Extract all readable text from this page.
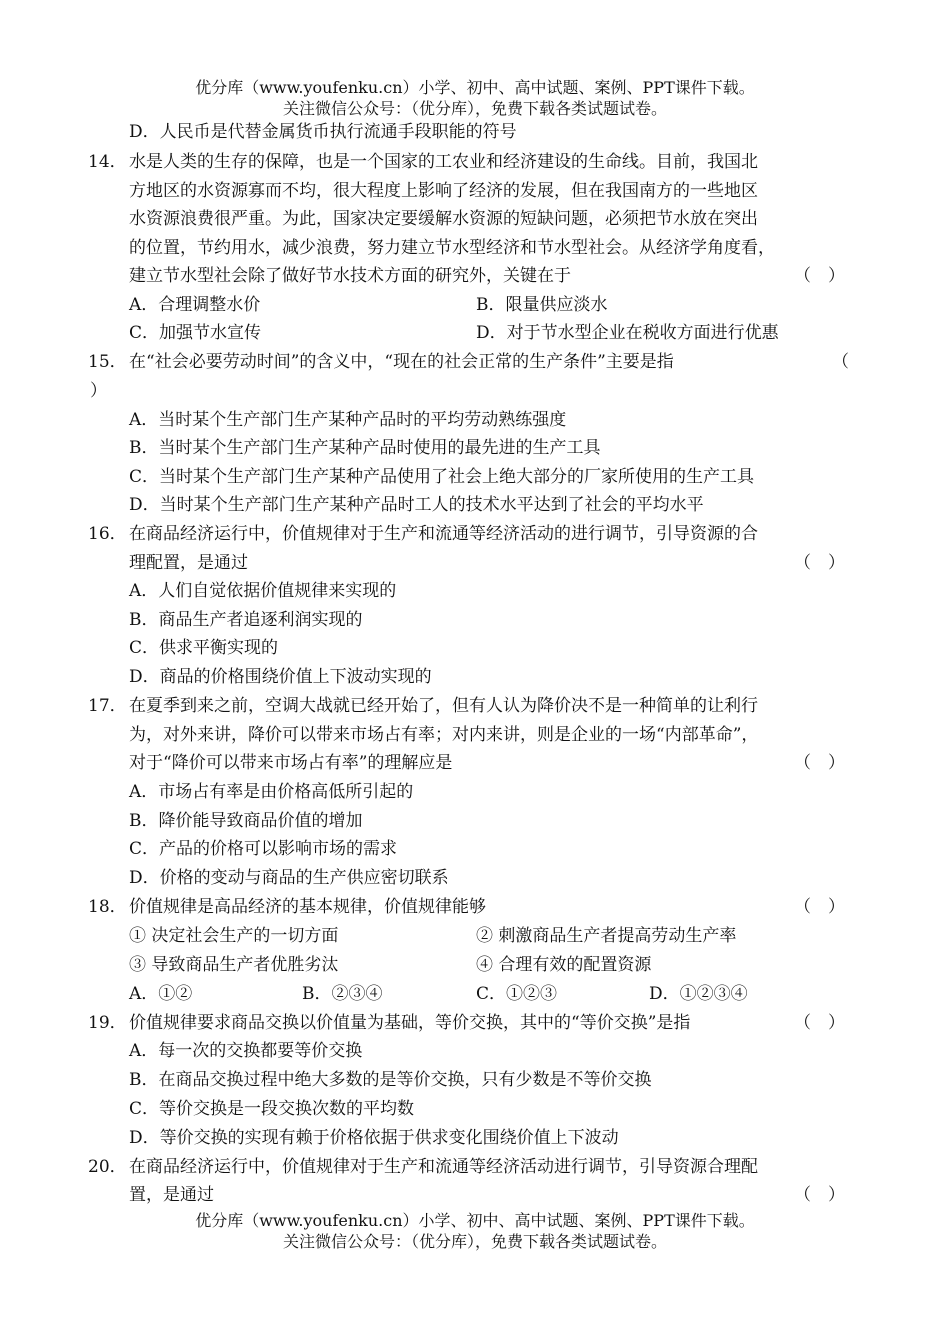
优分库（www.youfenku.cn）小学、初中、高中试题、案例、PPT课件下载。
关注微信公众号：（优分库），免费下载各类试题试卷。
D．人民币是代替金属货币执行流通手段职能的符号
14． 水是人类的生存的保障，也是一个国家的工农业和经济建设的生命线。目前，我国北
方地区的水资源寡而不均，很大程度上影响了经济的发展，但在我国南方的一些地区
水资源浪费很严重。为此，国家决定要缓解水资源的短缺问题，必须把节水放在突出
的位置，节约用水，减少浪费，努力建立节水型经济和节水型社会。从经济学角度看，
建立节水型社会除了做好节水技术方面的研究外，关键在于	（　）
A．合理调整水价	B．限量供应淡水
C．加强节水宣传	D．对于节水型企业在税收方面进行优惠
15． 在“社会必要劳动时间”的含义中，“现在的社会正常的生产条件”主要是指	（
）
A．当时某个生产部门生产某种产品时的平均劳动熟练强度
B．当时某个生产部门生产某种产品时使用的最先进的生产工具
C．当时某个生产部门生产某种产品使用了社会上绝大部分的厂家所使用的生产工具
D．当时某个生产部门生产某种产品时工人的技术水平达到了社会的平均水平
16． 在商品经济运行中，价值规律对于生产和流通等经济活动的进行调节，引导资源的合
理配置，是通过	（　）
A．人们自觉依据价值规律来实现的
B．商品生产者追逐利润实现的
C．供求平衡实现的
D．商品的价格围绕价值上下波动实现的
17． 在夏季到来之前，空调大战就已经开始了，但有人认为降价决不是一种简单的让利行
为，对外来讲，降价可以带来市场占有率；对内来讲，则是企业的一场“内部革命”，
对于“降价可以带来市场占有率”的理解应是	（　）
A．市场占有率是由价格高低所引起的
B．降价能导致商品价值的增加
C．产品的价格可以影响市场的需求
D．价格的变动与商品的生产供应密切联系
18． 价值规律是高品经济的基本规律，价值规律能够	（　）
① 决定社会生产的一切方面	② 刺激商品生产者提高劳动生产率
③ 导致商品生产者优胜劣汰	④ 合理有效的配置资源
A．①②	B．②③④	C．①②③	D．①②③④
19． 价值规律要求商品交换以价值量为基础，等价交换，其中的“等价交换”是指	（　）
A．每一次的交换都要等价交换
B．在商品交换过程中绝大多数的是等价交换，只有少数是不等价交换
C．等价交换是一段交换次数的平均数
D．等价交换的实现有赖于价格依据于供求变化围绕价值上下波动
20． 在商品经济运行中，价值规律对于生产和流通等经济活动进行调节，引导资源合理配
置，是通过	（　）
优分库（www.youfenku.cn）小学、初中、高中试题、案例、PPT课件下载。
关注微信公众号：（优分库），免费下载各类试题试卷。
